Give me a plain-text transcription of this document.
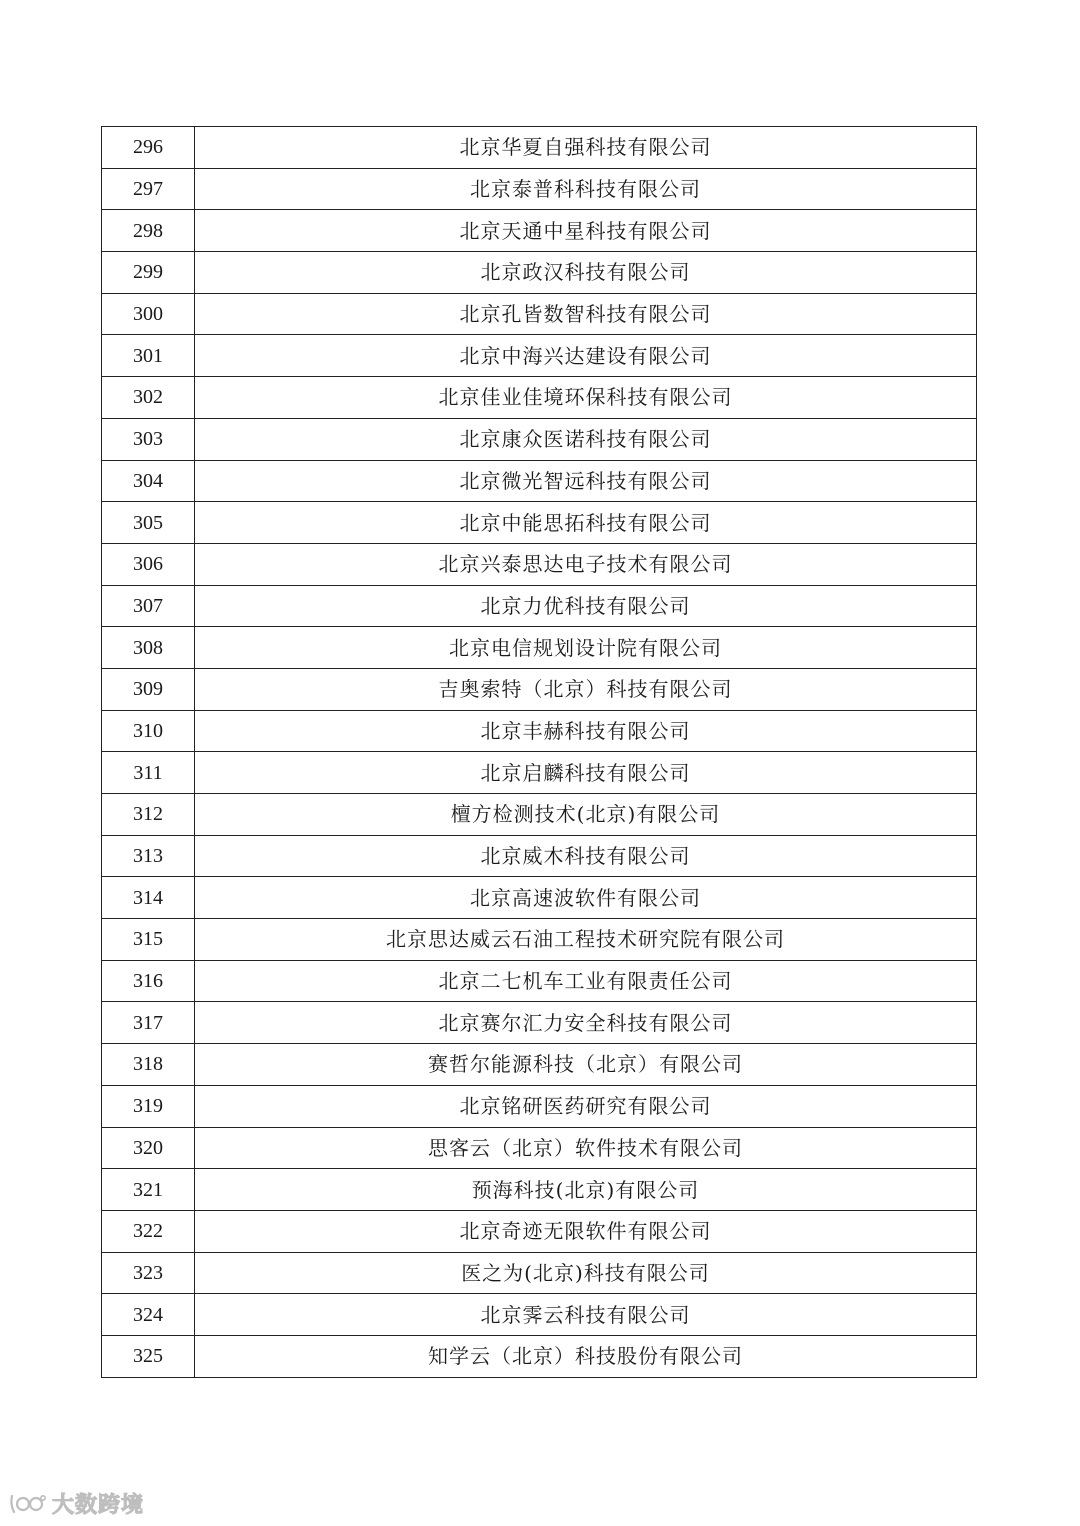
296	北京华夏自强科技有限公司
297	北京泰普科科技有限公司
298	北京天通中星科技有限公司
299	北京政汉科技有限公司
300	北京孔皆数智科技有限公司
301	北京中海兴达建设有限公司
302	北京佳业佳境环保科技有限公司
303	北京康众医诺科技有限公司
304	北京微光智远科技有限公司
305	北京中能思拓科技有限公司
306	北京兴泰思达电子技术有限公司
307	北京力优科技有限公司
308	北京电信规划设计院有限公司
309	吉奥索特（北京）科技有限公司
310	北京丰赫科技有限公司
311	北京启麟科技有限公司
312	檀方检测技术(北京)有限公司
313	北京威木科技有限公司
314	北京高速波软件有限公司
315	北京思达威云石油工程技术研究院有限公司
316	北京二七机车工业有限责任公司
317	北京赛尔汇力安全科技有限公司
318	赛哲尔能源科技（北京）有限公司
319	北京铭研医药研究有限公司
320	思客云（北京）软件技术有限公司
321	预海科技(北京)有限公司
322	北京奇迹无限软件有限公司
323	医之为(北京)科技有限公司
324	北京霁云科技有限公司
325	知学云（北京）科技股份有限公司
大数跨境
